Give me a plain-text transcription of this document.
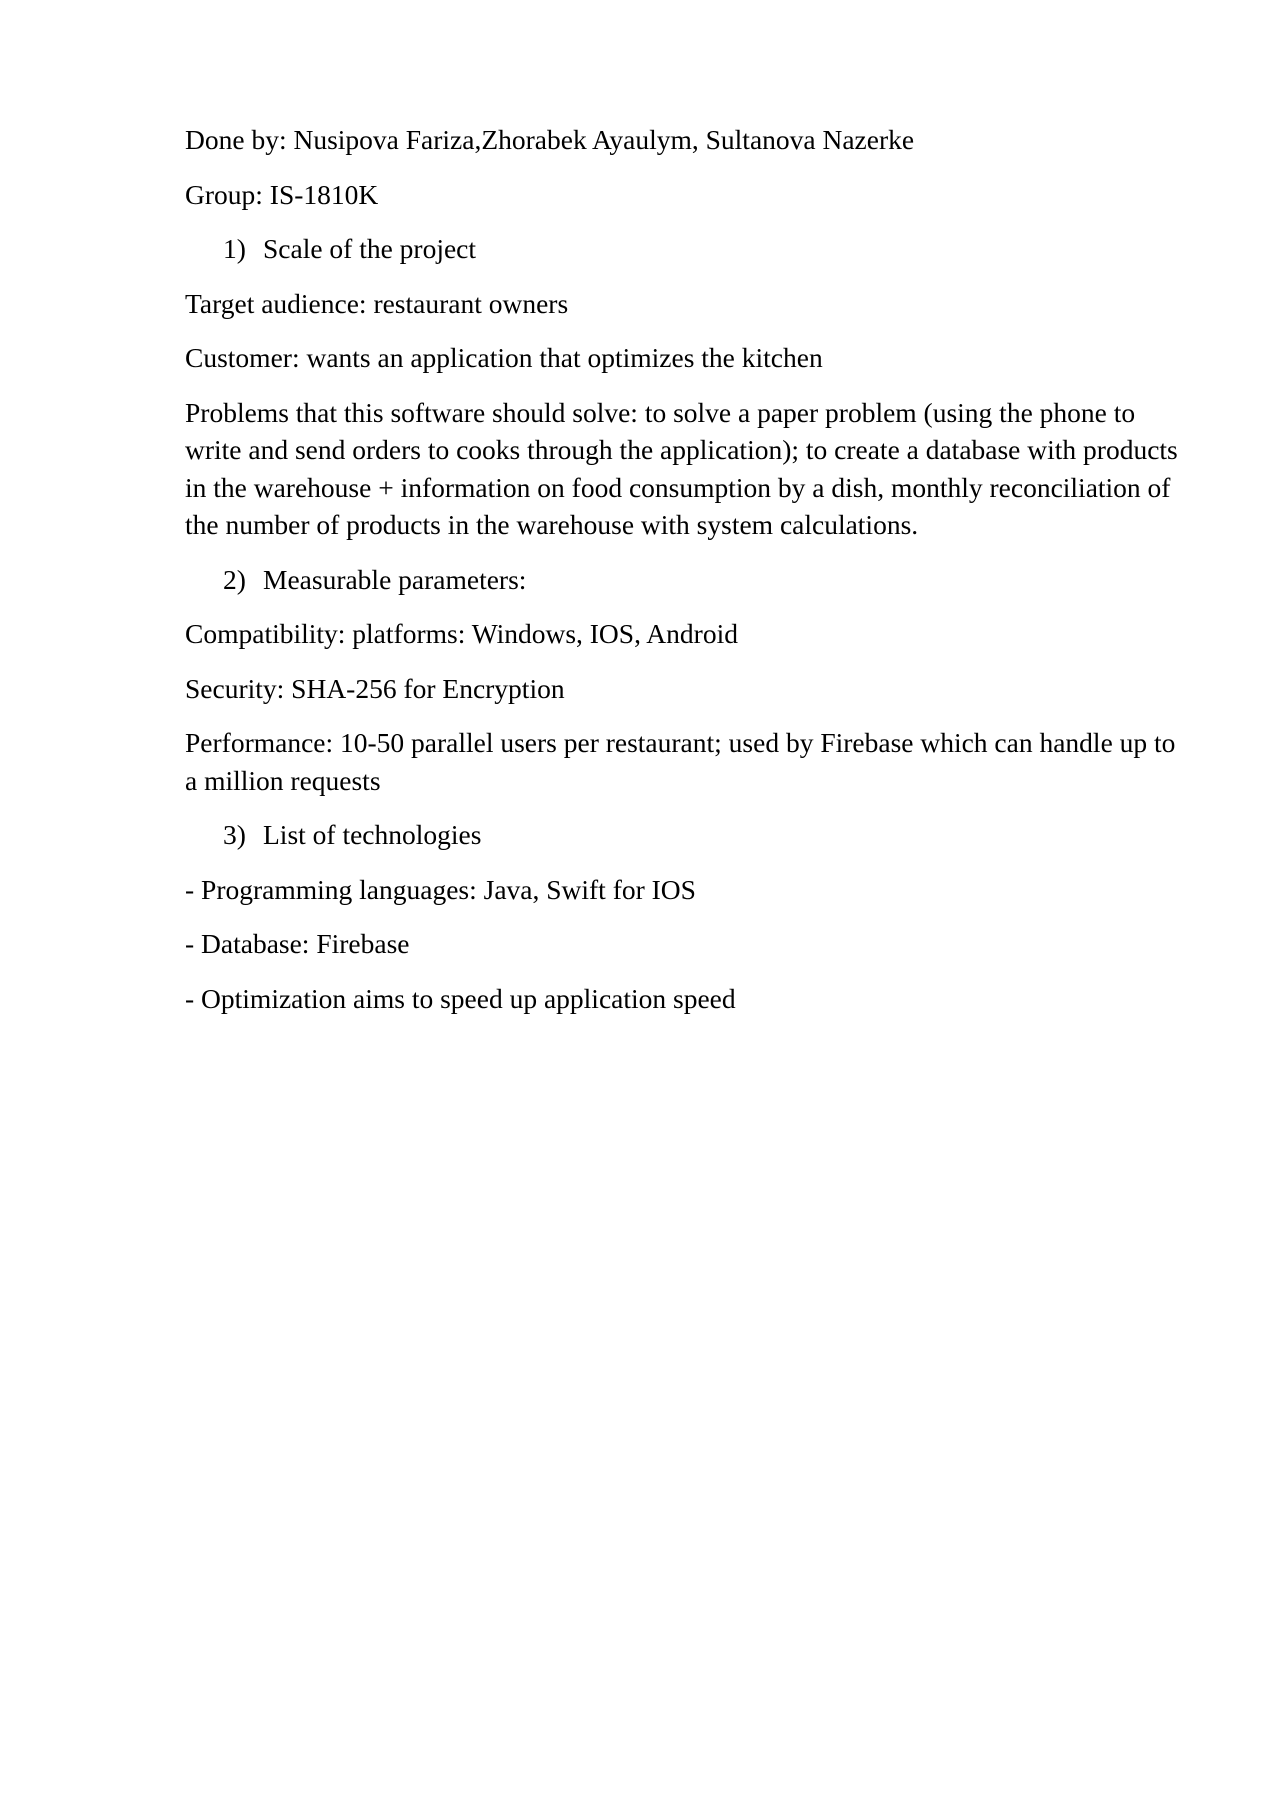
Done by: Nusipova Fariza,Zhorabek Ayaulym, Sultanova Nazerke

Group: IS-1810K

1) Scale of the project

Target audience: restaurant owners

Customer: wants an application that optimizes the kitchen

Problems that this software should solve: to solve a paper problem (using the phone to write and send orders to cooks through the application); to create a database with products in the warehouse + information on food consumption by a dish, monthly reconciliation of the number of products in the warehouse with system calculations.

2) Measurable parameters:

Compatibility: platforms: Windows, IOS, Android

Security: SHA-256 for Encryption

Performance: 10-50 parallel users per restaurant; used by Firebase which can handle up to a million requests

3) List of technologies

- Programming languages: Java, Swift for IOS

- Database: Firebase

- Optimization aims to speed up application speed
